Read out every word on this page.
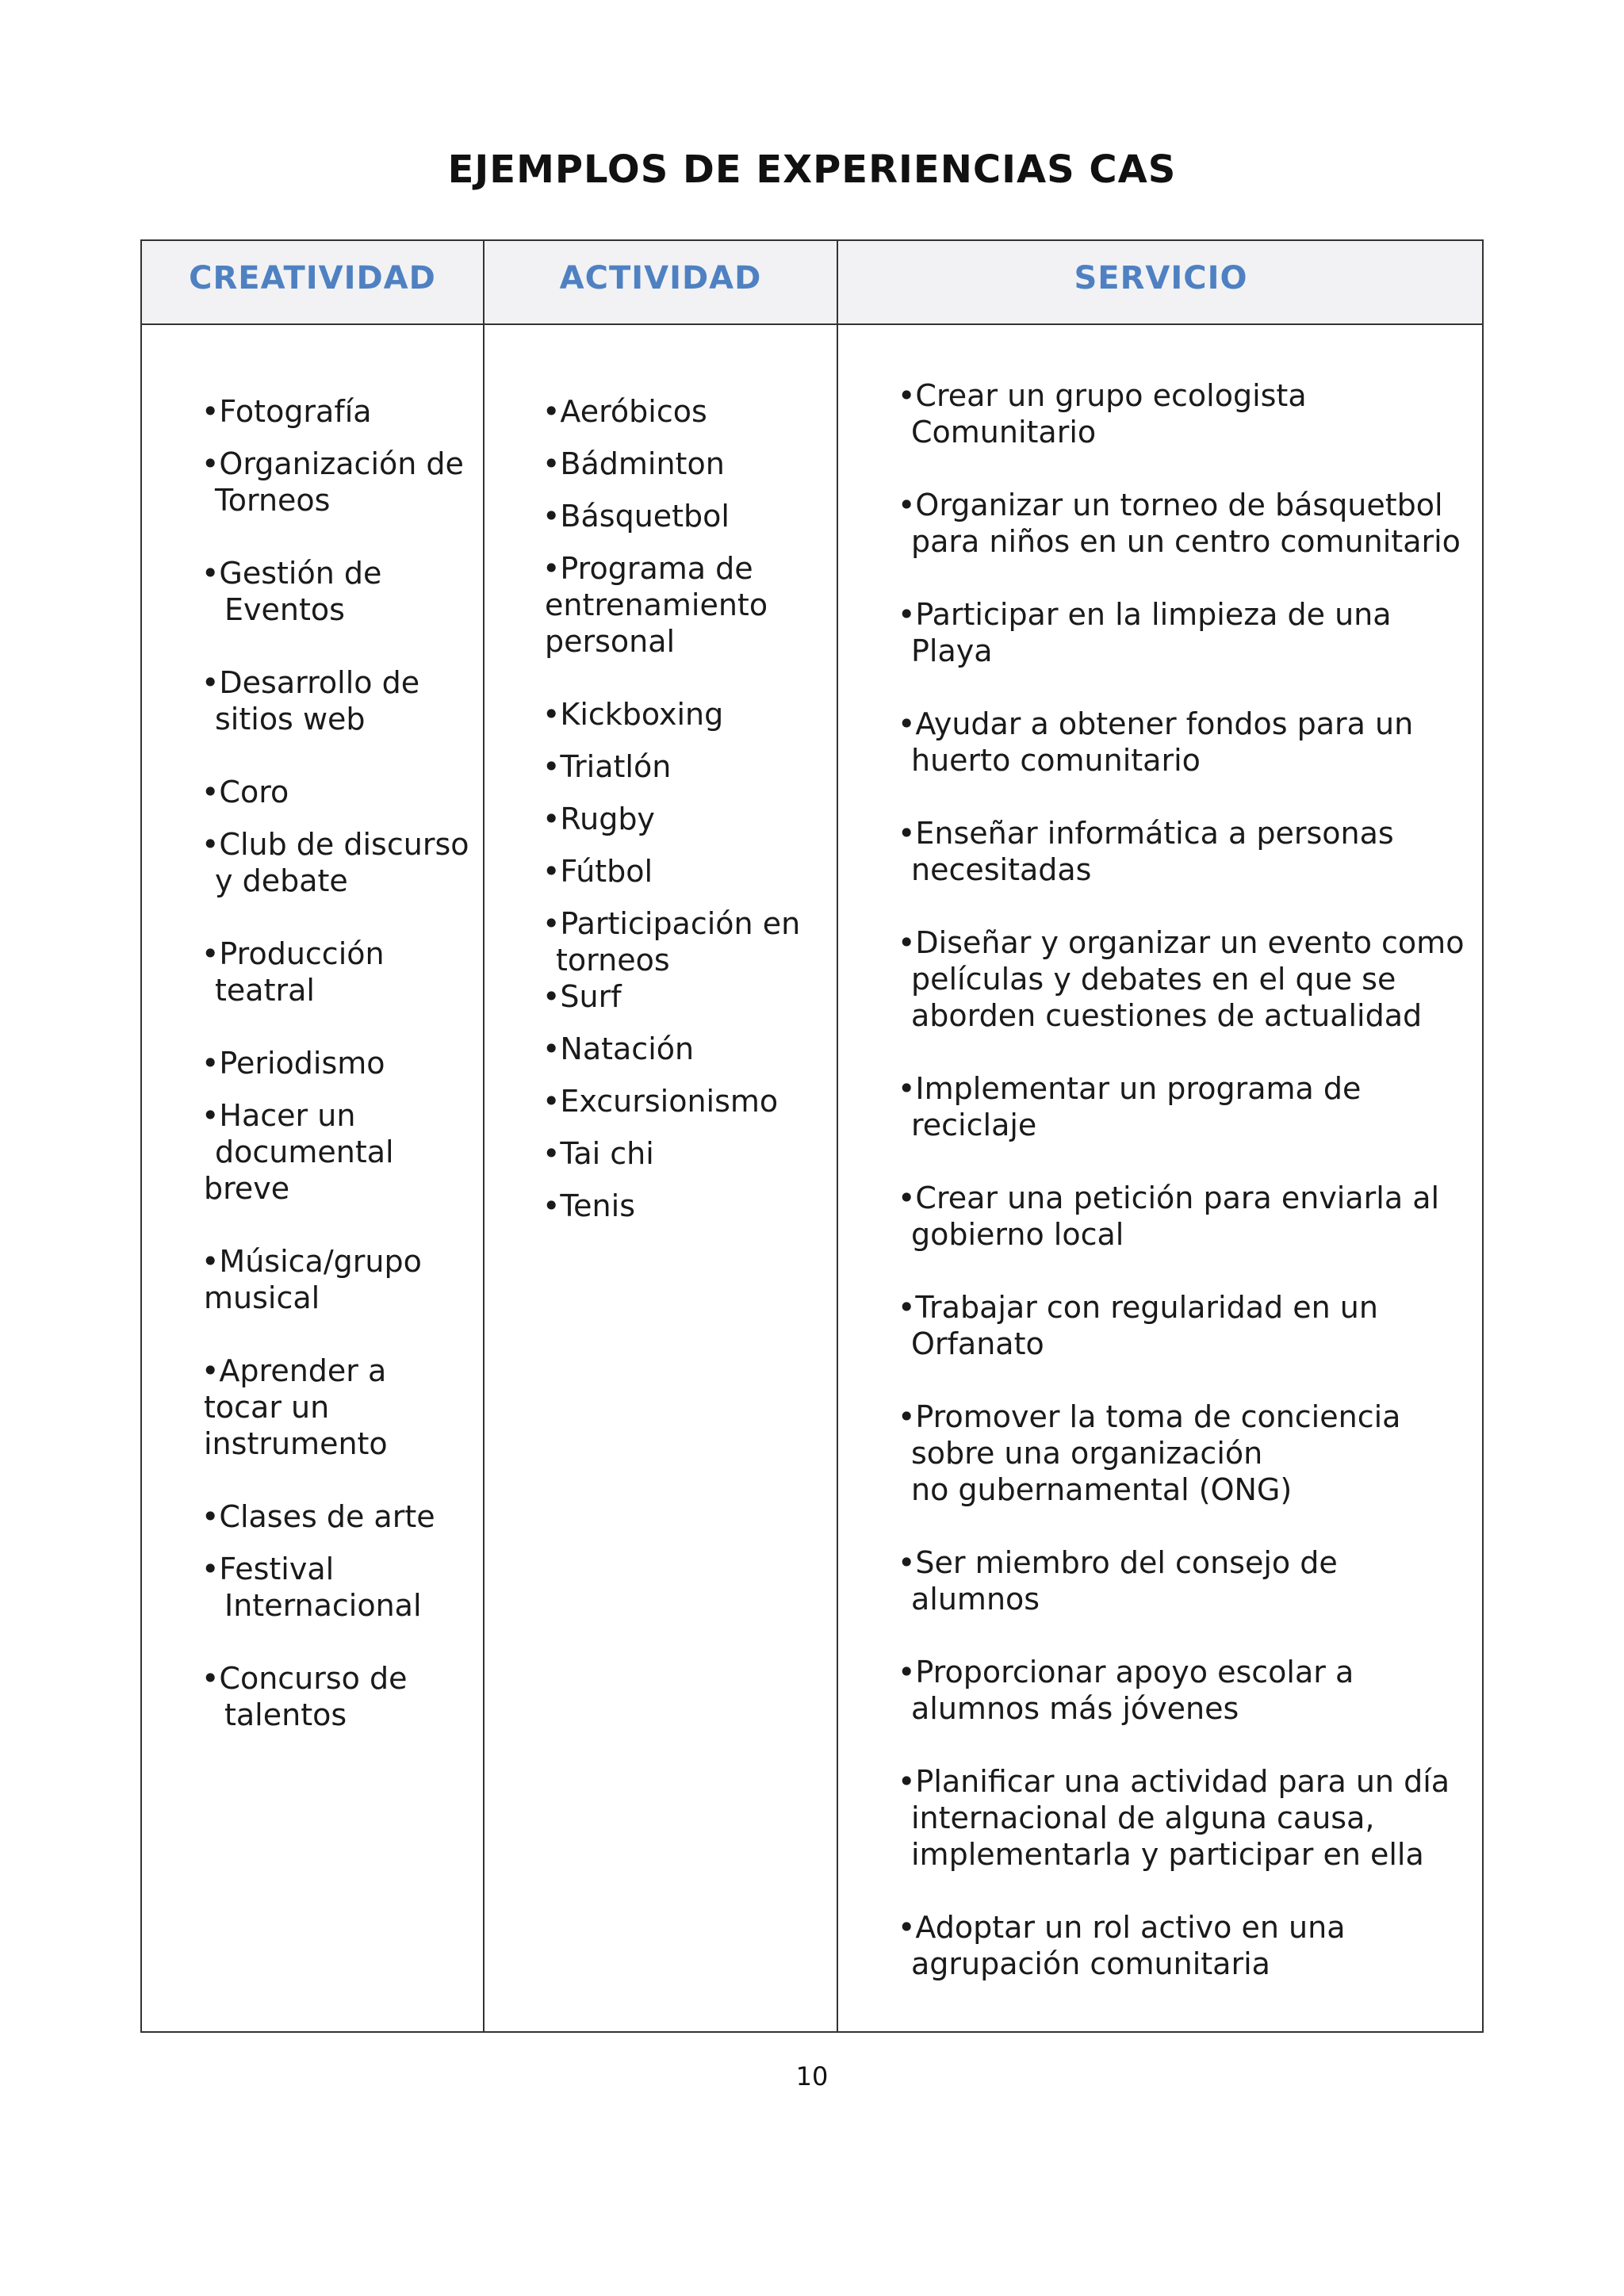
EJEMPLOS DE EXPERIENCIAS CAS
CREATIVIDAD	ACTIVIDAD	SERVICIO
•Fotografía
•Organización de
Torneos
•Gestión de
Eventos
•Desarrollo de
sitios web
•Coro
•Club de discurso
y debate
•Producción
teatral
•Periodismo
•Hacer un
documental
breve
•Música/grupo
musical
•Aprender a
tocar un
instrumento
•Clases de arte
•Festival
Internacional
•Concurso de
talentos
•Aeróbicos
•Bádminton
•Básquetbol
•Programa de
entrenamiento
personal
•Kickboxing
•Triatlón
•Rugby
•Fútbol
•Participación en
torneos
•Surf
•Natación
•Excursionismo
•Tai chi
•Tenis
•Crear un grupo ecologista
Comunitario
•Organizar un torneo de básquetbol
para niños en un centro comunitario
•Participar en la limpieza de una
Playa
•Ayudar a obtener fondos para un
huerto comunitario
•Enseñar informática a personas
necesitadas
•Diseñar y organizar un evento como
películas y debates en el que se
aborden cuestiones de actualidad
•Implementar un programa de
reciclaje
•Crear una petición para enviarla al
gobierno local
•Trabajar con regularidad en un
Orfanato
•Promover la toma de conciencia
sobre una organización
no gubernamental (ONG)
•Ser miembro del consejo de
alumnos
•Proporcionar apoyo escolar a
alumnos más jóvenes
•Planificar una actividad para un día
internacional de alguna causa,
implementarla y participar en ella
•Adoptar un rol activo en una
agrupación comunitaria
10
